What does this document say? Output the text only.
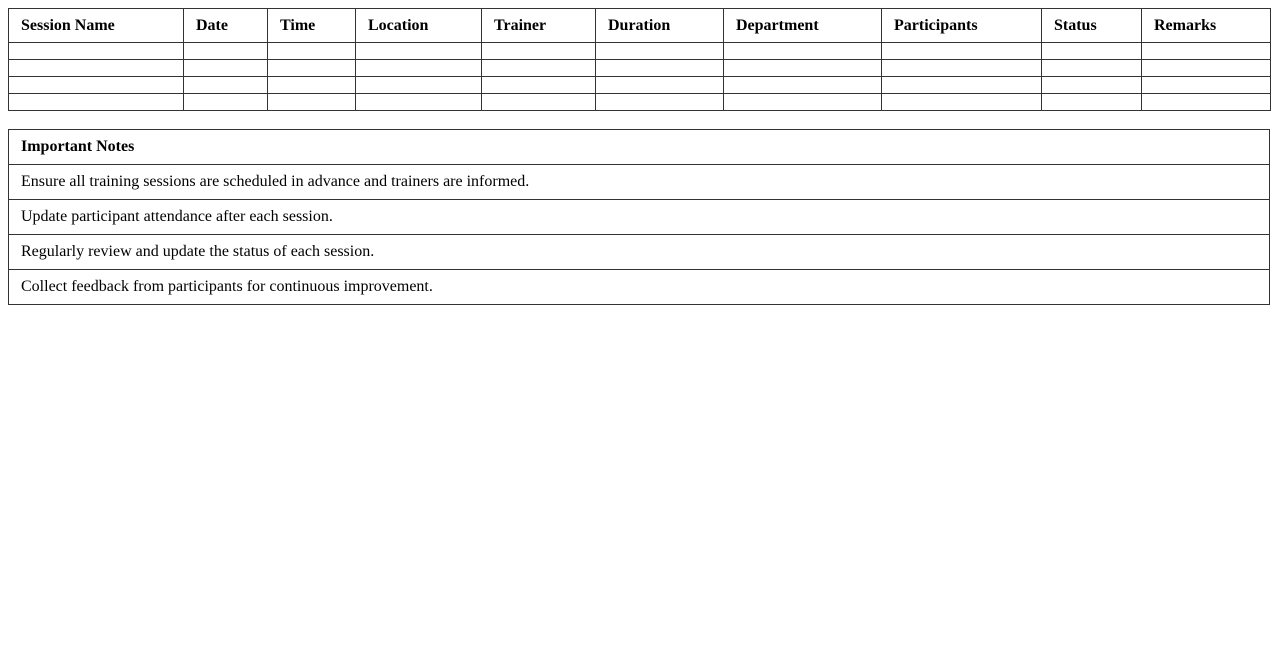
Session Name	Date	Time	Location	Trainer	Duration	Department	Participants	Status	Remarks

Important Notes
Ensure all training sessions are scheduled in advance and trainers are informed.
Update participant attendance after each session.
Regularly review and update the status of each session.
Collect feedback from participants for continuous improvement.
